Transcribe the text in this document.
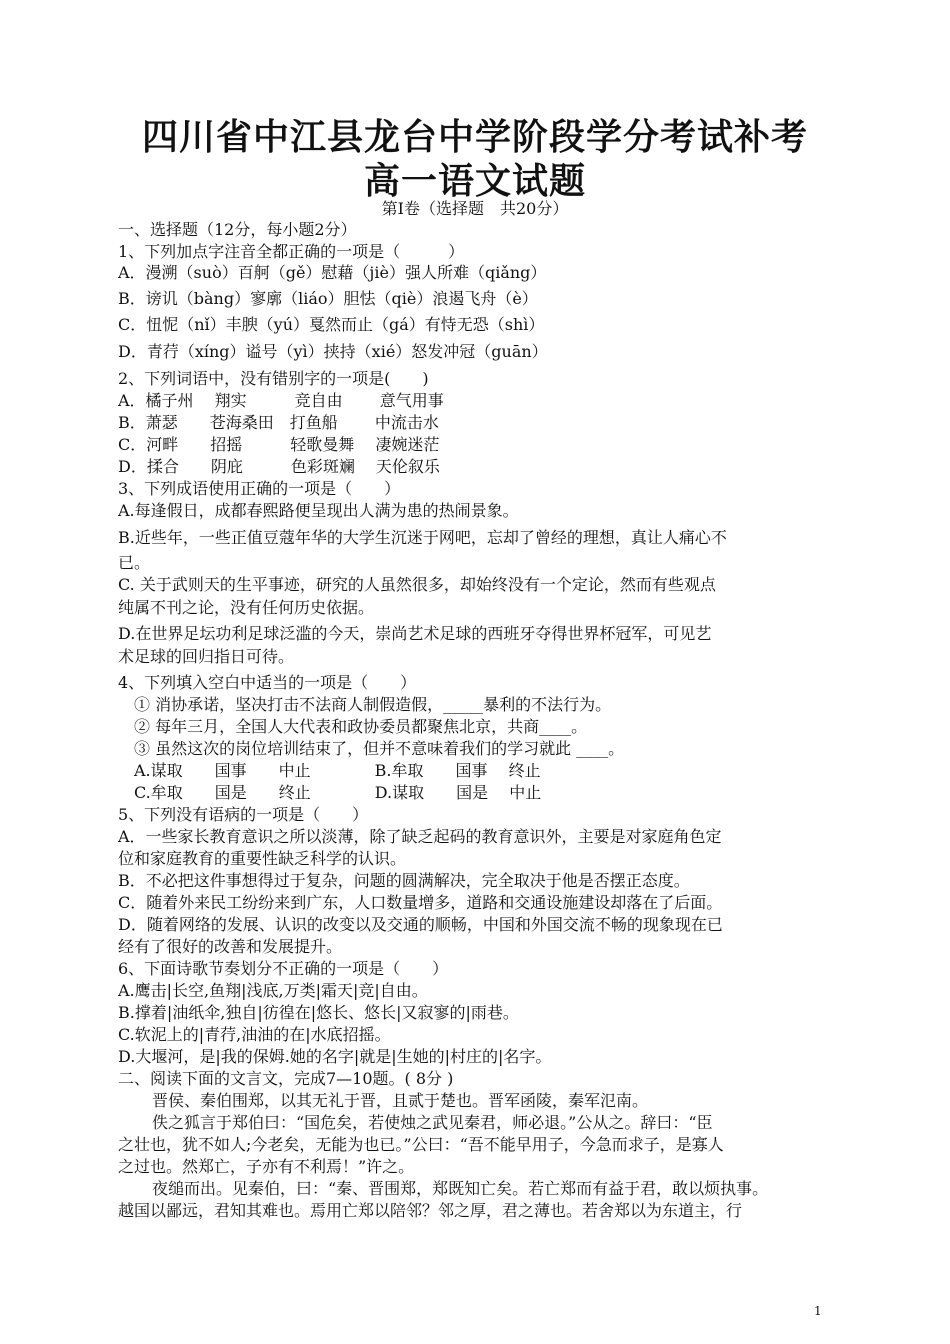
四川省中江县龙台中学阶段学分考试补考
高一语文试题
第Ⅰ卷（选择题　共20分）
一、选择题（12分，每小题2分）
1、下列加点字注音全都正确的一项是（　　　）
A．漫溯（suò）百舸（gě）慰藉（jiè）强人所难（qiǎng）
B．谤讥（bàng）寥廓（liáo）胆怯（qiè）浪遏飞舟（è）
C．忸怩（nǐ）丰腴（yú）戛然而止（gá）有恃无恐（shì）
D．青荇（xíng）谥号（yì）挟持（xié）怒发冲冠（guān）
2、下列词语中，没有错别字的一项是(　　)
A．橘子州　 翔实　　　竞自由　　 意气用事
B．萧瑟　　苍海桑田　打鱼船　　 中流击水
C．河畔　　招摇　　　轻歌曼舞　 凄婉迷茫
D．揉合　　阴庇　　　色彩斑斓　 天伦叙乐
3、下列成语使用正确的一项是（　　）
A.每逢假日，成都春熙路便呈现出人满为患的热闹景象。
B.近些年，一些正值豆蔻年华的大学生沉迷于网吧，忘却了曾经的理想，真让人痛心不
已。
C. 关于武则天的生平事迹，研究的人虽然很多，却始终没有一个定论，然而有些观点
纯属不刊之论，没有任何历史依据。
D.在世界足坛功利足球泛滥的今天，崇尚艺术足球的西班牙夺得世界杯冠军，可见艺
术足球的回归指日可待。
4、下列填入空白中适当的一项是（　　）
① 消协承诺，坚决打击不法商人制假造假，_____暴利的不法行为。
② 每年三月，全国人大代表和政协委员都聚焦北京，共商____。
③ 虽然这次的岗位培训结束了，但并不意味着我们的学习就此 ____。
A.谋取　　国事　　中止　　　　B.牟取　　国事　 终止
C.牟取　　国是　　终止　　　　D.谋取　　国是　 中止
5、下列没有语病的一项是（　　）
A．一些家长教育意识之所以淡薄，除了缺乏起码的教育意识外，主要是对家庭角色定
位和家庭教育的重要性缺乏科学的认识。
B．不必把这件事想得过于复杂，问题的圆满解决，完全取决于他是否摆正态度。
C．随着外来民工纷纷来到广东，人口数量增多，道路和交通设施建设却落在了后面。
D．随着网络的发展、认识的改变以及交通的顺畅，中国和外国交流不畅的现象现在已
经有了很好的改善和发展提升。
6、下面诗歌节奏划分不正确的一项是（　　）
A.鹰击|长空,鱼翔|浅底,万类|霜天|竞|自由。
B.撑着|油纸伞,独自|彷徨在|悠长、悠长|又寂寥的|雨巷。
C.软泥上的|青荇,油油的在|水底招摇。
D.大堰河，是|我的保姆.她的名字|就是|生她的|村庄的|名字。
二、阅读下面的文言文，完成7—10题。( 8分 )
晋侯、秦伯围郑，以其无礼于晋，且贰于楚也。晋军函陵，秦军氾南。
佚之狐言于郑伯曰：“国危矣，若使烛之武见秦君，师必退。”公从之。辞曰：“臣
之壮也，犹不如人;今老矣，无能为也已。”公曰：“吾不能早用子，今急而求子，是寡人
之过也。然郑亡，子亦有不利焉！”许之。
夜缒而出。见秦伯，曰：“秦、晋围郑，郑既知亡矣。若亡郑而有益于君，敢以烦执事。
越国以鄙远，君知其难也。焉用亡郑以陪邻？邻之厚，君之薄也。若舍郑以为东道主，行
1
